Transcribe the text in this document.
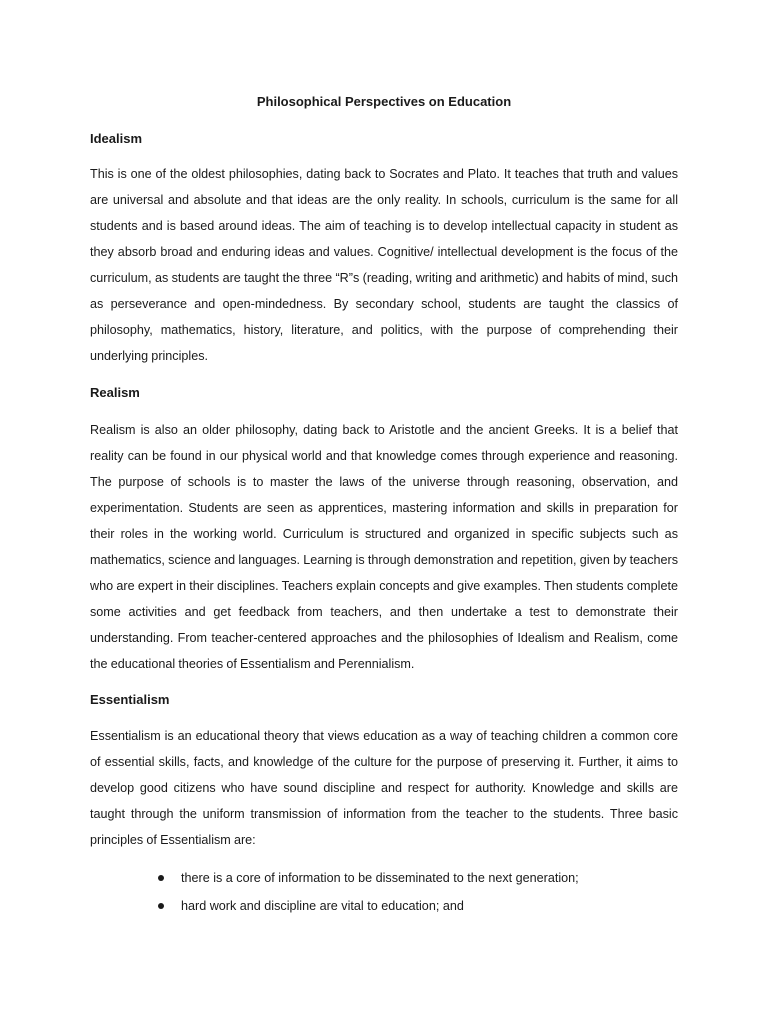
Philosophical Perspectives on Education
Idealism
This is one of the oldest philosophies, dating back to Socrates and Plato. It teaches that truth and values are universal and absolute and that ideas are the only reality. In schools, curriculum is the same for all students and is based around ideas. The aim of teaching is to develop intellectual capacity in student as they absorb broad and enduring ideas and values. Cognitive/ intellectual development is the focus of the curriculum, as students are taught the three “R”s (reading, writing and arithmetic) and habits of mind, such as perseverance and open-mindedness. By secondary school, students are taught the classics of philosophy, mathematics, history, literature, and politics, with the purpose of comprehending their underlying principles.
Realism
Realism is also an older philosophy, dating back to Aristotle and the ancient Greeks. It is a belief that reality can be found in our physical world and that knowledge comes through experience and reasoning. The purpose of schools is to master the laws of the universe through reasoning, observation, and experimentation. Students are seen as apprentices, mastering information and skills in preparation for their roles in the working world. Curriculum is structured and organized in specific subjects such as mathematics, science and languages. Learning is through demonstration and repetition, given by teachers who are expert in their disciplines. Teachers explain concepts and give examples. Then students complete some activities and get feedback from teachers, and then undertake a test to demonstrate their understanding. From teacher-centered approaches and the philosophies of Idealism and Realism, come the educational theories of Essentialism and Perennialism.
Essentialism
Essentialism is an educational theory that views education as a way of teaching children a common core of essential skills, facts, and knowledge of the culture for the purpose of preserving it. Further, it aims to develop good citizens who have sound discipline and respect for authority. Knowledge and skills are taught through the uniform transmission of information from the teacher to the students. Three basic principles of Essentialism are:
there is a core of information to be disseminated to the next generation;
hard work and discipline are vital to education; and
